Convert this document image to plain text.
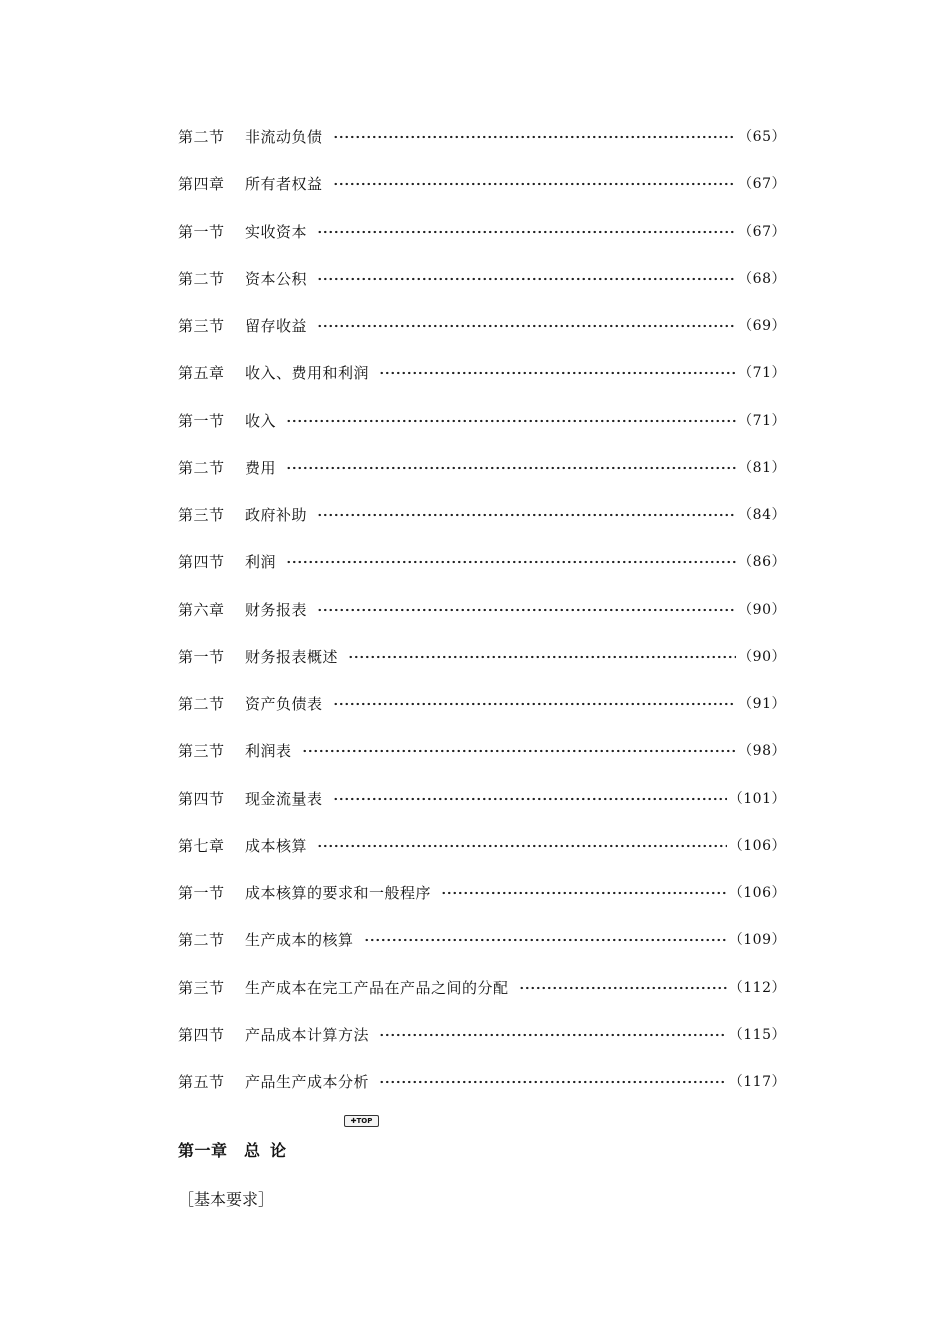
第二节	非流动负债	（65）
第四章	所有者权益	（67）
第一节	实收资本	（67）
第二节	资本公积	（68）
第三节	留存收益	（69）
第五章	收入、费用和利润	（71）
第一节	收入	（71）
第二节	费用	（81）
第三节	政府补助	（84）
第四节	利润	（86）
第六章	财务报表	（90）
第一节	财务报表概述	（90）
第二节	资产负债表	（91）
第三节	利润表	（98）
第四节	现金流量表	（101）
第七章	成本核算	（106）
第一节	成本核算的要求和一般程序	（106）
第二节	生产成本的核算	（109）
第三节	生产成本在完工产品在产品之间的分配	（112）
第四节	产品成本计算方法	（115）
第五节	产品生产成本分析	（117）
✚TOP
第一章 总论
［基本要求］
